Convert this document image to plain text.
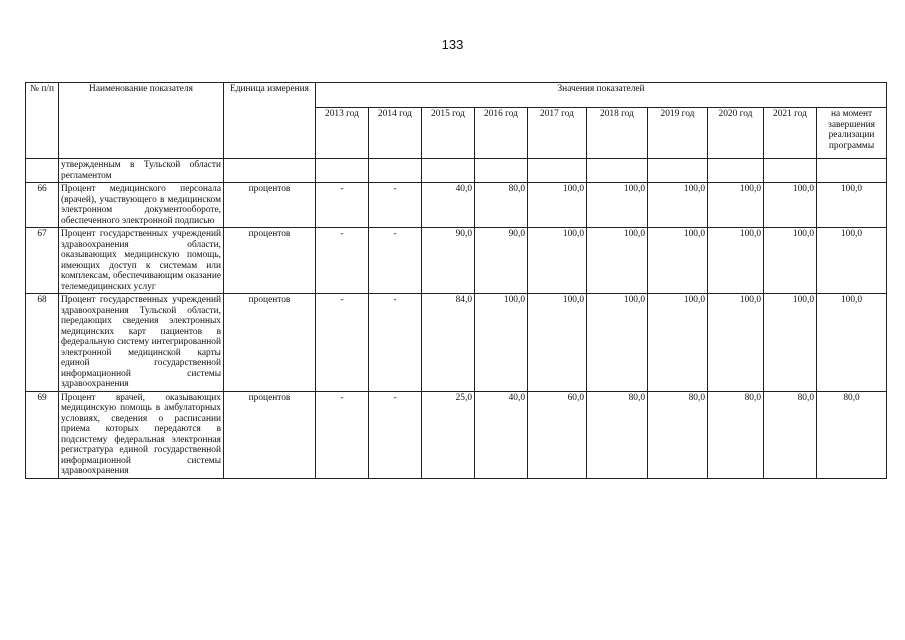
133
№ п/п	Наименование показателя	Единица измерения	Значения показателей									
			2013 год	2014 год	2015 год	2016 год	2017 год	2018 год	2019 год	2020 год	2021 год	на момент завершения реализации программы
	утвержденным в Тульской области регламентом											
66	Процент медицинского персонала (врачей), участвующего в медицинском электронном документообороте, обеспеченного электронной подписью	процентов	-	-	40,0	80,0	100,0	100,0	100,0	100,0	100,0	100,0
67	Процент государственных учреждений здравоохранения области, оказывающих медицинскую помощь, имеющих доступ к системам или комплексам, обеспечивающим оказание телемедицинских услуг	процентов	-	-	90,0	90,0	100,0	100,0	100,0	100,0	100,0	100,0
68	Процент государственных учреждений здравоохранения Тульской области, передающих сведения электронных медицинских карт пациентов в федеральную систему интегрированной электронной медицинской карты единой государственной информационной системы здравоохранения	процентов	-	-	84,0	100,0	100,0	100,0	100,0	100,0	100,0	100,0
69	Процент врачей, оказывающих медицинскую помощь в амбулаторных условиях, сведения о расписании приема которых передаются в подсистему федеральная электронная регистратура единой государственной информационной системы здравоохранения	процентов	-	-	25,0	40,0	60,0	80,0	80,0	80,0	80,0	80,0
